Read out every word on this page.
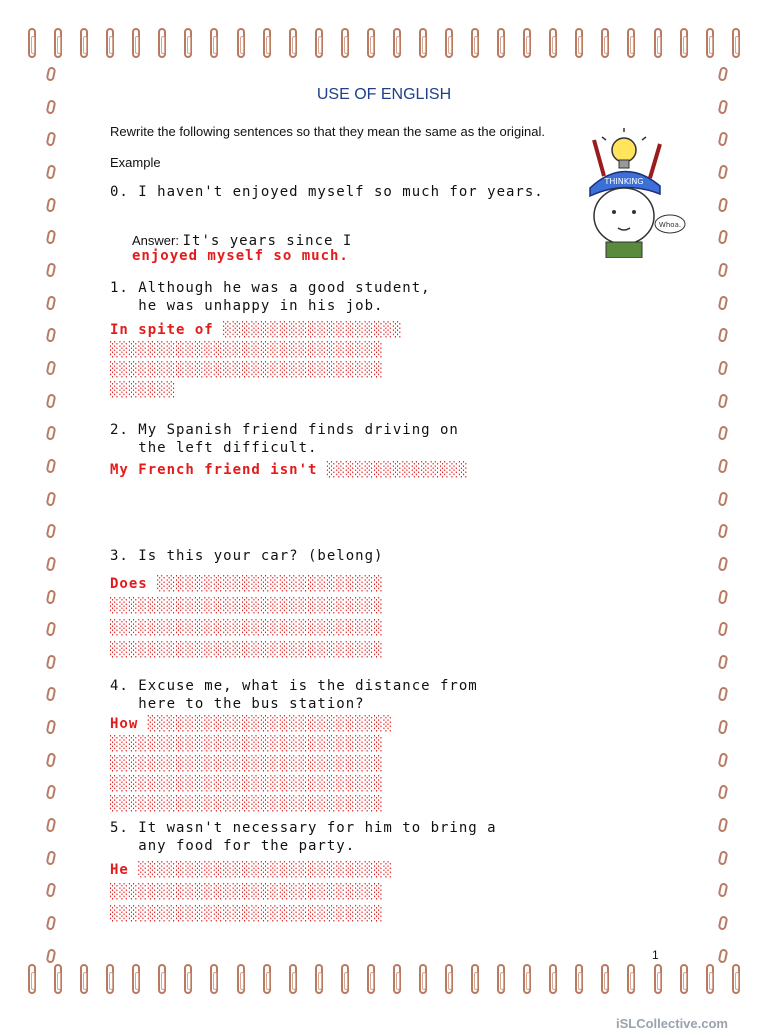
USE OF ENGLISH
Rewrite the following sentences so that they mean the same as the original.
Example
0. I haven't enjoyed myself so much for years.
Answer: It's years since I
enjoyed myself so much.
THINKING
Whoa.
1. Although he was a good student,
he was unhappy in his job.
In spite of ░░░░░░░░░░░░░░░░░░░
░░░░░░░░░░░░░░░░░░░░░░░░░░░░░
░░░░░░░░░░░░░░░░░░░░░░░░░░░░░
░░░░░░░
2. My Spanish friend finds driving on
the left difficult.
My French friend isn't ░░░░░░░░░░░░░░░
3. Is this your car? (belong)
Does ░░░░░░░░░░░░░░░░░░░░░░░░
░░░░░░░░░░░░░░░░░░░░░░░░░░░░░
░░░░░░░░░░░░░░░░░░░░░░░░░░░░░
░░░░░░░░░░░░░░░░░░░░░░░░░░░░░
4. Excuse me, what is the distance from
here to the bus station?
How ░░░░░░░░░░░░░░░░░░░░░░░░░░
░░░░░░░░░░░░░░░░░░░░░░░░░░░░░
░░░░░░░░░░░░░░░░░░░░░░░░░░░░░
░░░░░░░░░░░░░░░░░░░░░░░░░░░░░
░░░░░░░░░░░░░░░░░░░░░░░░░░░░░
5. It wasn't necessary for him to bring a
any food for the party.
He ░░░░░░░░░░░░░░░░░░░░░░░░░░░
░░░░░░░░░░░░░░░░░░░░░░░░░░░░░
░░░░░░░░░░░░░░░░░░░░░░░░░░░░░
1
iSLCollective.com
